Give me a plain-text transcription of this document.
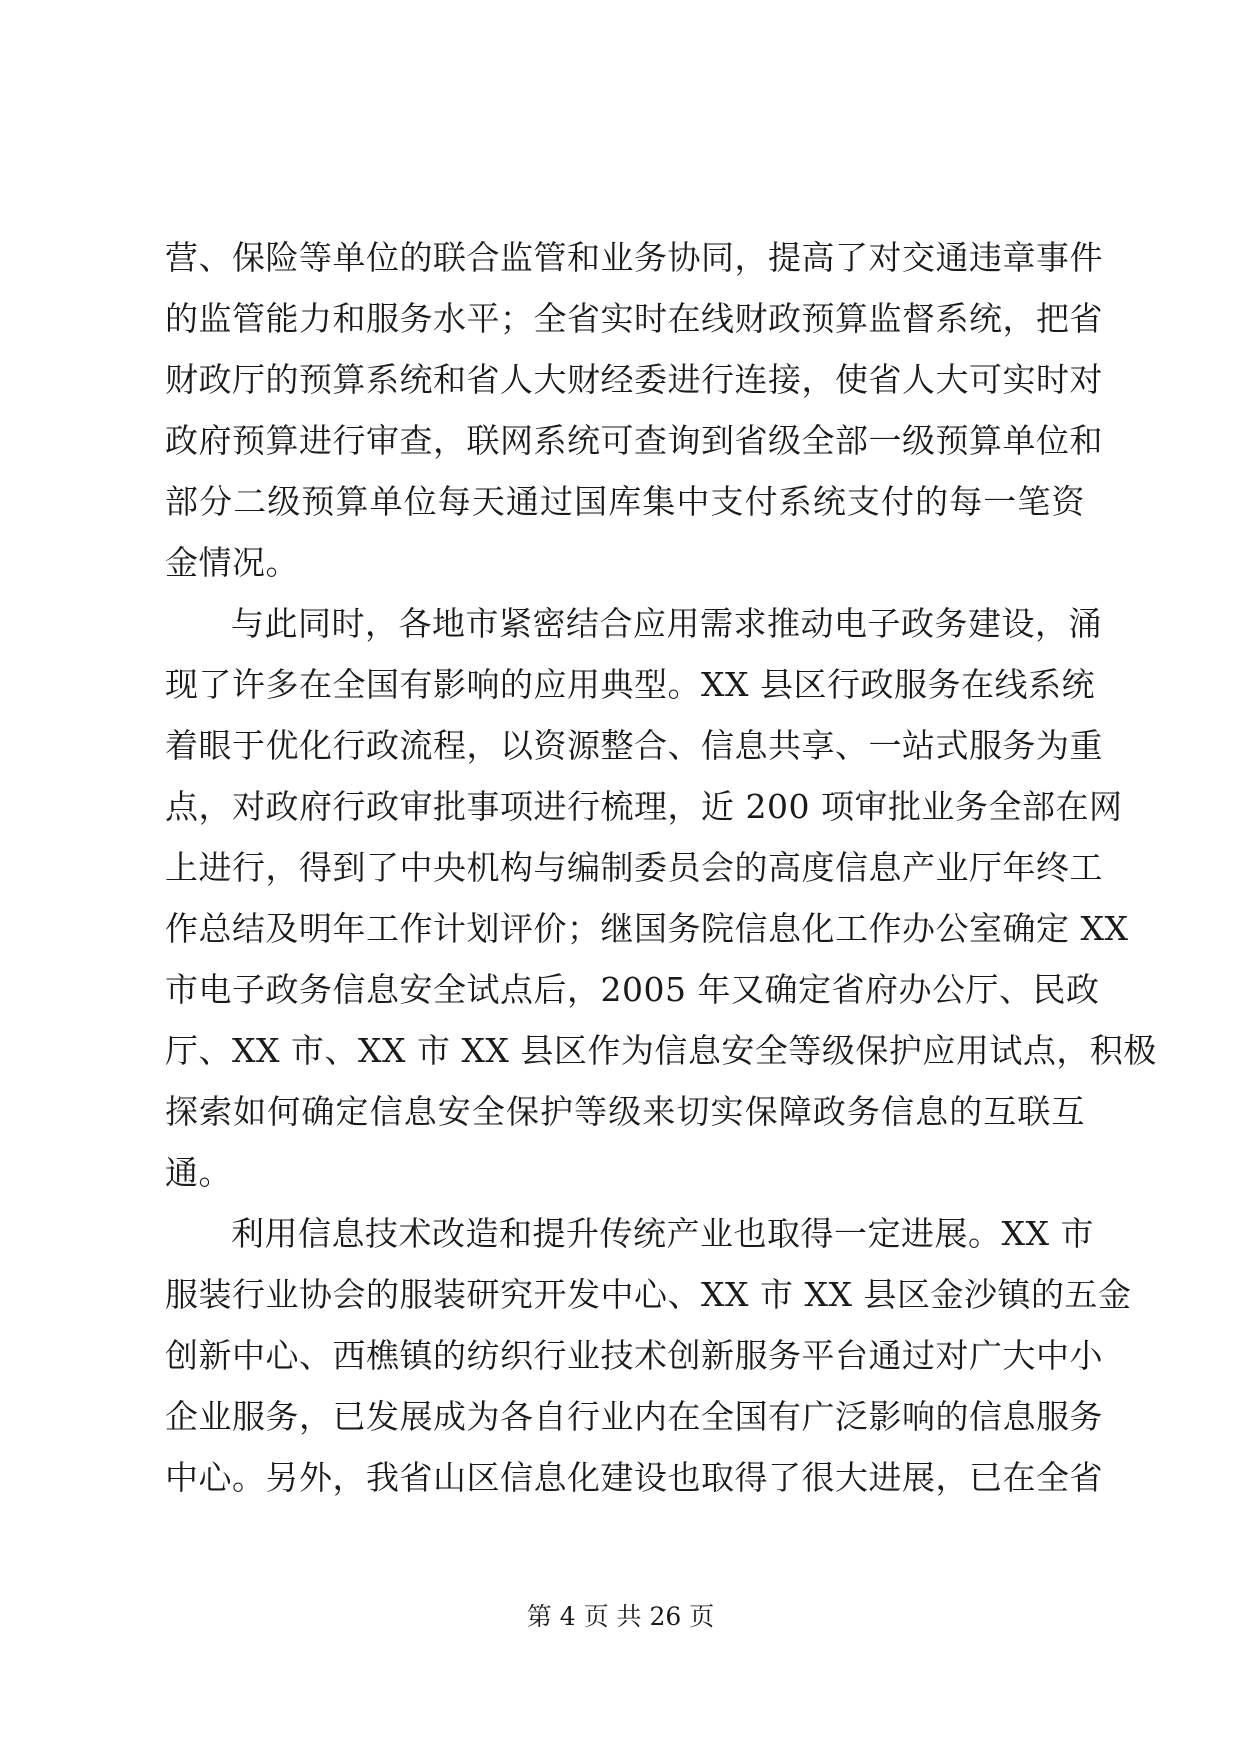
营、保险等单位的联合监管和业务协同，提高了对交通违章事件
的监管能力和服务水平；全省实时在线财政预算监督系统，把省
财政厅的预算系统和省人大财经委进行连接，使省人大可实时对
政府预算进行审查，联网系统可查询到省级全部一级预算单位和
部分二级预算单位每天通过国库集中支付系统支付的每一笔资
金情况。
与此同时，各地市紧密结合应用需求推动电子政务建设，涌
现了许多在全国有影响的应用典型。XX 县区行政服务在线系统
着眼于优化行政流程，以资源整合、信息共享、一站式服务为重
点，对政府行政审批事项进行梳理，近 200 项审批业务全部在网
上进行，得到了中央机构与编制委员会的高度信息产业厅年终工
作总结及明年工作计划评价；继国务院信息化工作办公室确定 XX
市电子政务信息安全试点后，2005 年又确定省府办公厅、民政
厅、XX 市、XX 市 XX 县区作为信息安全等级保护应用试点，积极
探索如何确定信息安全保护等级来切实保障政务信息的互联互
通。
利用信息技术改造和提升传统产业也取得一定进展。XX 市
服装行业协会的服装研究开发中心、XX 市 XX 县区金沙镇的五金
创新中心、西樵镇的纺织行业技术创新服务平台通过对广大中小
企业服务，已发展成为各自行业内在全国有广泛影响的信息服务
中心。另外，我省山区信息化建设也取得了很大进展，已在全省
第 4 页 共 26 页
